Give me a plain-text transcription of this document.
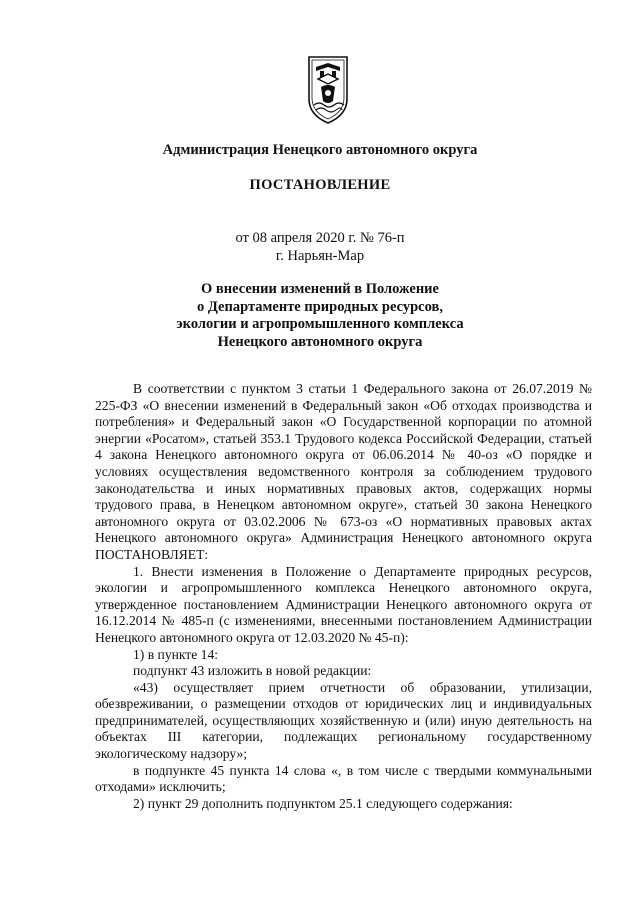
Администрация Ненецкого автономного округа
ПОСТАНОВЛЕНИЕ
от 08 апреля 2020 г. № 76-п
г. Нарьян-Мар
О внесении изменений в Положение
о Департаменте природных ресурсов,
экологии и агропромышленного комплекса
Ненецкого автономного округа

В соответствии с пунктом 3 статьи 1 Федерального закона от 26.07.2019 № 225-ФЗ «О внесении изменений в Федеральный закон «Об отходах производства и потребления» и Федеральный закон «О Государственной корпорации по атомной энергии «Росатом», статьей 353.1 Трудового кодекса Российской Федерации, статьей 4 закона Ненецкого автономного округа от 06.06.2014 № 40-оз «О порядке и условиях осуществления ведомственного контроля за соблюдением трудового законодательства и иных нормативных правовых актов, содержащих нормы трудового права, в Ненецком автономном округе», статьей 30 закона Ненецкого автономного округа от 03.02.2006 № 673-оз «О нормативных правовых актах Ненецкого автономного округа» Администрация Ненецкого автономного округа ПОСТАНОВЛЯЕТ:

1. Внести изменения в Положение о Департаменте природных ресурсов, экологии и агропромышленного комплекса Ненецкого автономного округа, утвержденное постановлением Администрации Ненецкого автономного округа от 16.12.2014 № 485-п (с изменениями, внесенными постановлением Администрации Ненецкого автономного округа от 12.03.2020 № 45-п):

1) в пункте 14:

подпункт 43 изложить в новой редакции:

«43) осуществляет прием отчетности об образовании, утилизации, обезвреживании, о размещении отходов от юридических лиц и индивидуальных предпринимателей, осуществляющих хозяйственную и (или) иную деятельность на объектах III категории, подлежащих региональному государственному экологическому надзору»;

в подпункте 45 пункта 14 слова «, в том числе с твердыми коммунальными отходами» исключить;

2) пункт 29 дополнить подпунктом 25.1 следующего содержания:
